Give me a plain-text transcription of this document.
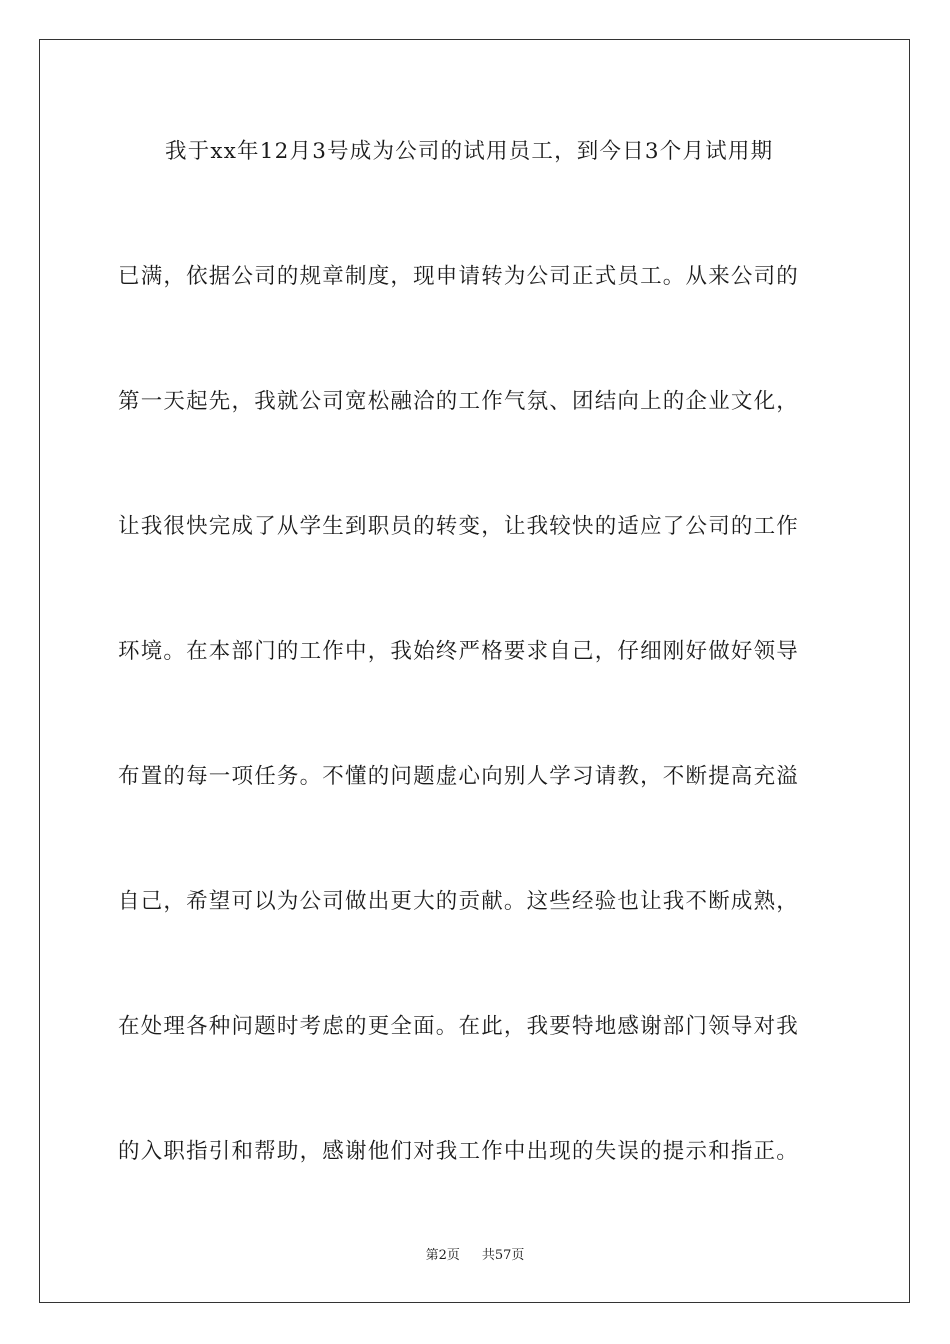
我于xx年12月3号成为公司的试用员工，到今日3个月试用期
已满，依据公司的规章制度，现申请转为公司正式员工。从来公司的
第一天起先，我就公司宽松融洽的工作气氛、团结向上的企业文化，
让我很快完成了从学生到职员的转变，让我较快的适应了公司的工作
环境。在本部门的工作中，我始终严格要求自己，仔细刚好做好领导
布置的每一项任务。不懂的问题虚心向别人学习请教，不断提高充溢
自己，希望可以为公司做出更大的贡献。这些经验也让我不断成熟，
在处理各种问题时考虑的更全面。在此，我要特地感谢部门领导对我
的入职指引和帮助，感谢他们对我工作中出现的失误的提示和指正。
第2页 共57页
